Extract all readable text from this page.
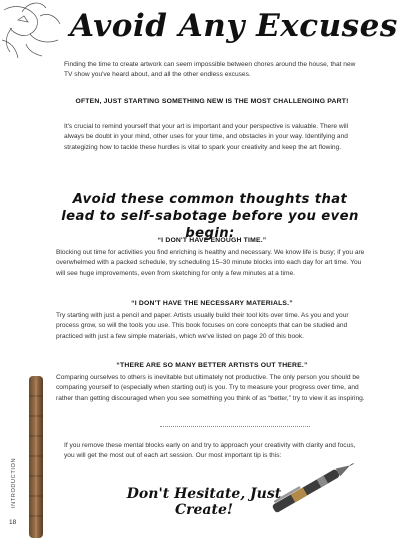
Avoid Any Excuses
Finding the time to create artwork can seem impossible between chores around the house, that new TV show you've heard about, and all the other endless excuses.
OFTEN, JUST STARTING SOMETHING NEW IS THE MOST CHALLENGING PART!
It's crucial to remind yourself that your art is important and your perspective is valuable. There will always be doubt in your mind, other uses for your time, and obstacles in your way. Identifying and strategizing how to tackle these hurdles is vital to spark your creativity and keep the art flowing.
Avoid these common thoughts that lead to self-sabotage before you even begin:
“I DON'T HAVE ENOUGH TIME.”
Blocking out time for activities you find enriching is healthy and necessary. We know life is busy; if you are overwhelmed with a packed schedule, try scheduling 15–30 minute blocks into each day for art time. You will see huge improvements, even from sketching for only a few minutes at a time.
“I DON'T HAVE THE NECESSARY MATERIALS.”
Try starting with just a pencil and paper. Artists usually build their tool kits over time. As you and your process grow, so will the tools you use. This book focuses on core concepts that can be studied and practiced with just a few simple materials, which we've listed on page 20 of this book.
“THERE ARE SO MANY BETTER ARTISTS OUT THERE.”
Comparing ourselves to others is inevitable but ultimately not productive. The only person you should be comparing yourself to (especially when starting out) is you. Try to measure your progress over time, and rather than getting discouraged when you see something you think of as “better,” try to view it as inspiring.
If you remove these mental blocks early on and try to approach your creativity with clarity and focus, you will get the most out of each art session. Our most important tip is this:
Don't Hesitate, Just Create!
INTRODUCTION
18
